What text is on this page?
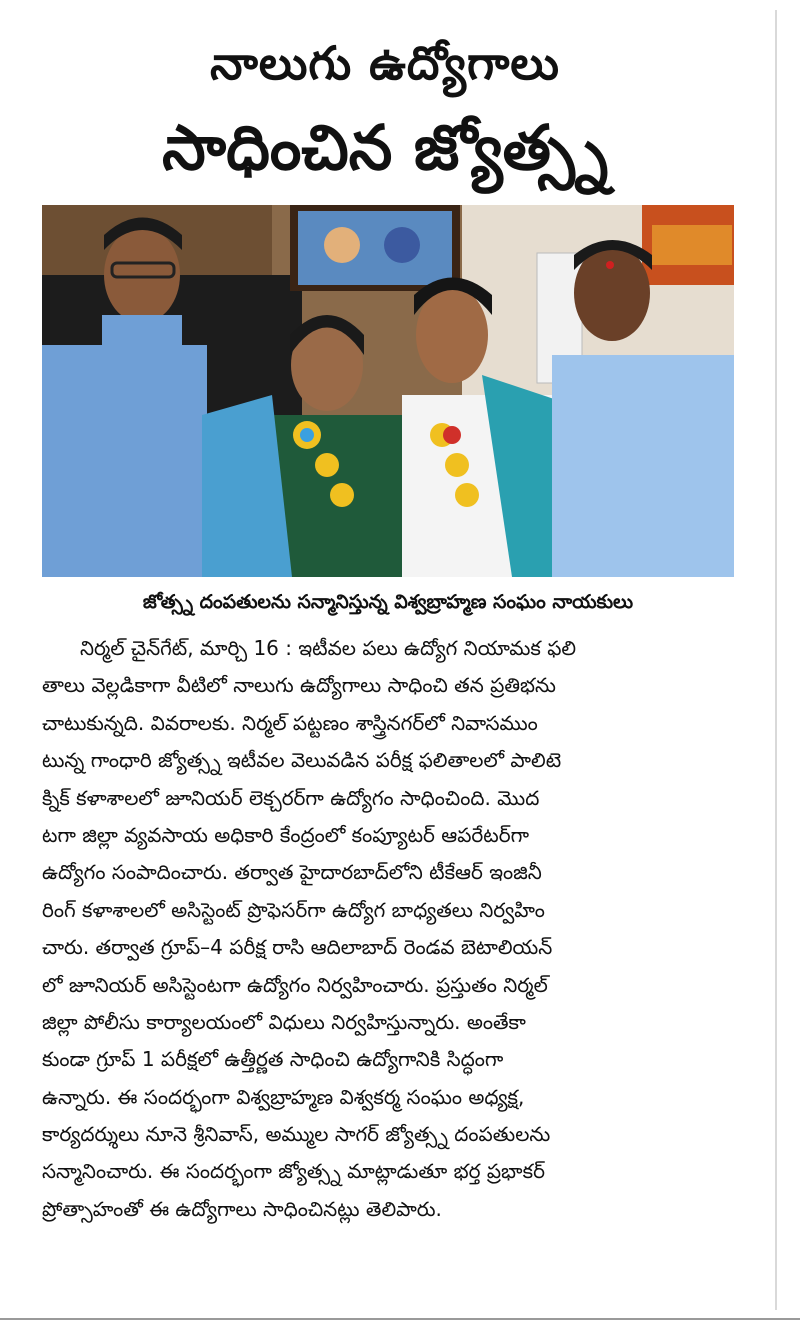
నాలుగు ఉద్యోగాలు
సాధించిన జ్యోత్స్న
జోత్స్న దంపతులను సన్మానిస్తున్న విశ్వబ్రాహ్మణ సంఘం నాయకులు
నిర్మల్ చైన్‌గేట్, మార్చి 16 : ఇటీవల పలు ఉద్యోగ నియామక ఫలి
తాలు వెల్లడికాగా వీటిలో నాలుగు ఉద్యోగాలు సాధించి తన ప్రతిభను
చాటుకున్నది. వివరాలకు. నిర్మల్ పట్టణం శాస్త్రినగర్‌లో నివాసముం
టున్న గాంధారి జ్యోత్స్న ఇటీవల వెలువడిన పరీక్ష ఫలితాలలో పాలిటె
క్నిక్ కళాశాలలో జూనియర్ లెక్చరర్‌గా ఉద్యోగం సాధించింది. మొద
టగా జిల్లా వ్యవసాయ అధికారి కేంద్రంలో కంప్యూటర్ ఆపరేటర్‌గా
ఉద్యోగం సంపాదించారు. తర్వాత హైదారబాద్‌లోని టీకేఆర్ ఇంజినీ
రింగ్ కళాశాలలో అసిస్టెంట్ ప్రొఫెసర్‌గా ఉద్యోగ బాధ్యతలు నిర్వహిం
చారు. తర్వాత గ్రూప్–4 పరీక్ష రాసి ఆదిలాబాద్ రెండవ బెటాలియన్
లో జూనియర్ అసిస్టెంటగా ఉద్యోగం నిర్వహించారు. ప్రస్తుతం నిర్మల్
జిల్లా పోలీసు కార్యాలయంలో విధులు నిర్వహిస్తున్నారు. అంతేకా
కుండా గ్రూప్ 1 పరీక్షలో ఉత్తీర్ణత సాధించి ఉద్యోగానికి సిద్ధంగా
ఉన్నారు. ఈ సందర్భంగా విశ్వబ్రాహ్మణ విశ్వకర్మ సంఘం అధ్యక్ష,
కార్యదర్శులు నూనె శ్రీనివాస్, అమ్ముల సాగర్ జ్యోత్స్న దంపతులను
సన్మానించారు. ఈ సందర్భంగా జ్యోత్స్న మాట్లాడుతూ భర్త ప్రభాకర్
ప్రోత్సాహంతో ఈ ఉద్యోగాలు సాధించినట్లు తెలిపారు.
